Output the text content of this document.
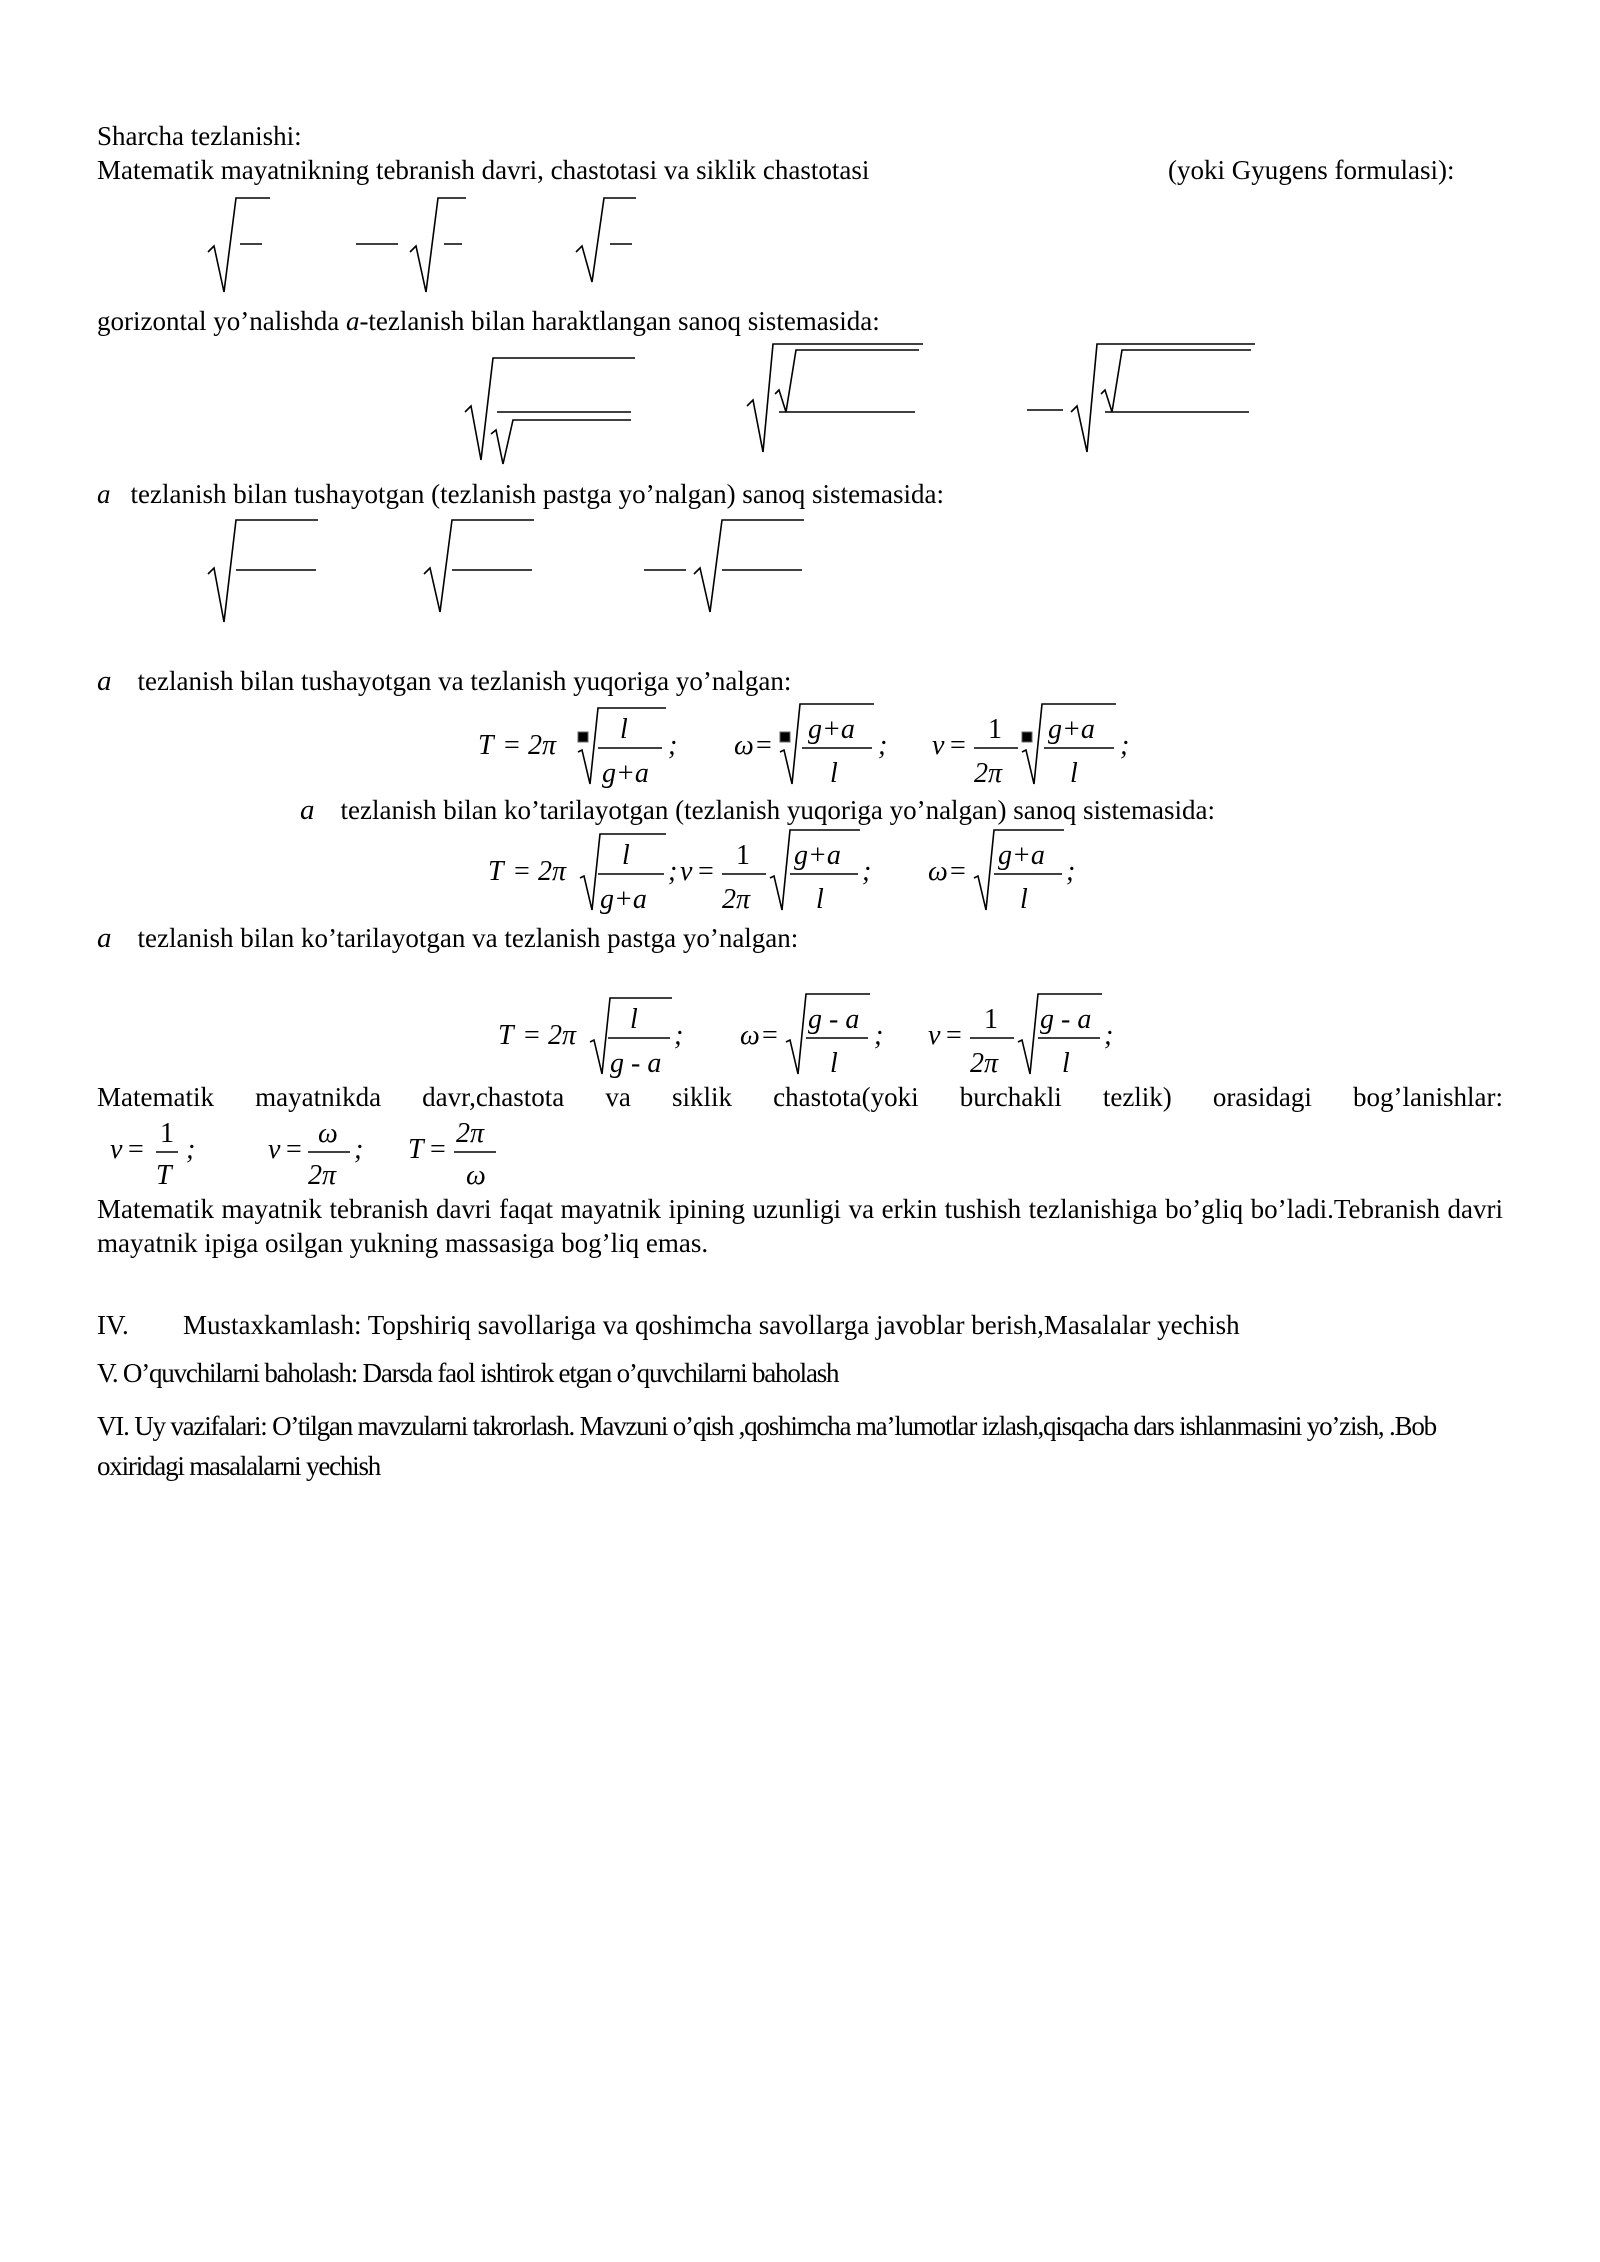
Sharcha tezlanishi:
Matematik mayatnikning tebranish davri, chastotasi va siklik chastotasi	(yoki Gyugens formulasi):
gorizontal yo’nalishda a-tezlanish bilan haraktlangan sanoq sistemasida:
a tezlanish bilan tushayotgan (tezlanish pastga yo’nalgan) sanoq sistemasida:
a tezlanish bilan tushayotgan va tezlanish yuqoriga yo’nalgan:
T = 2π
l
g+a
; ω =
g+a
l
; ν =
1
2π
g+a
l
;
a tezlanish bilan ko’tarilayotgan (tezlanish yuqoriga yo’nalgan) sanoq sistemasida:
T = 2π
l
g+a
; ν =
1
2π
g+a
l
; ω =
g+a
l
;
a tezlanish bilan ko’tarilayotgan va tezlanish pastga yo’nalgan:
T = 2π
l
g - a
; ω =
g - a
l
; ν =
1
2π
g - a
l
;
Matematik mayatnikda davr,chastota va siklik chastota(yoki burchakli tezlik) orasidagi bog’lanishlar:
ν =
1
T
;	ν =
ω
2π
; T =
2π
ω
Matematik mayatnik tebranish davri faqat mayatnik ipining uzunligi va erkin tushish tezlanishiga bo’gliq bo’ladi.Tebranish davri mayatnik ipiga osilgan yukning massasiga bog’liq emas.
IV. Mustaxkamlash: Topshiriq savollariga va qoshimcha savollarga javoblar berish,Masalalar yechish
V. O’quvchilarni baholash: Darsda faol ishtirok etgan o’quvchilarni baholash
VI. Uy vazifalari: O’tilgan mavzularni takrorlash. Mavzuni o’qish ,qoshimcha ma’lumotlar izlash,qisqacha dars ishlanmasini yo’zish, .Bob oxiridagi masalalarni yechish
